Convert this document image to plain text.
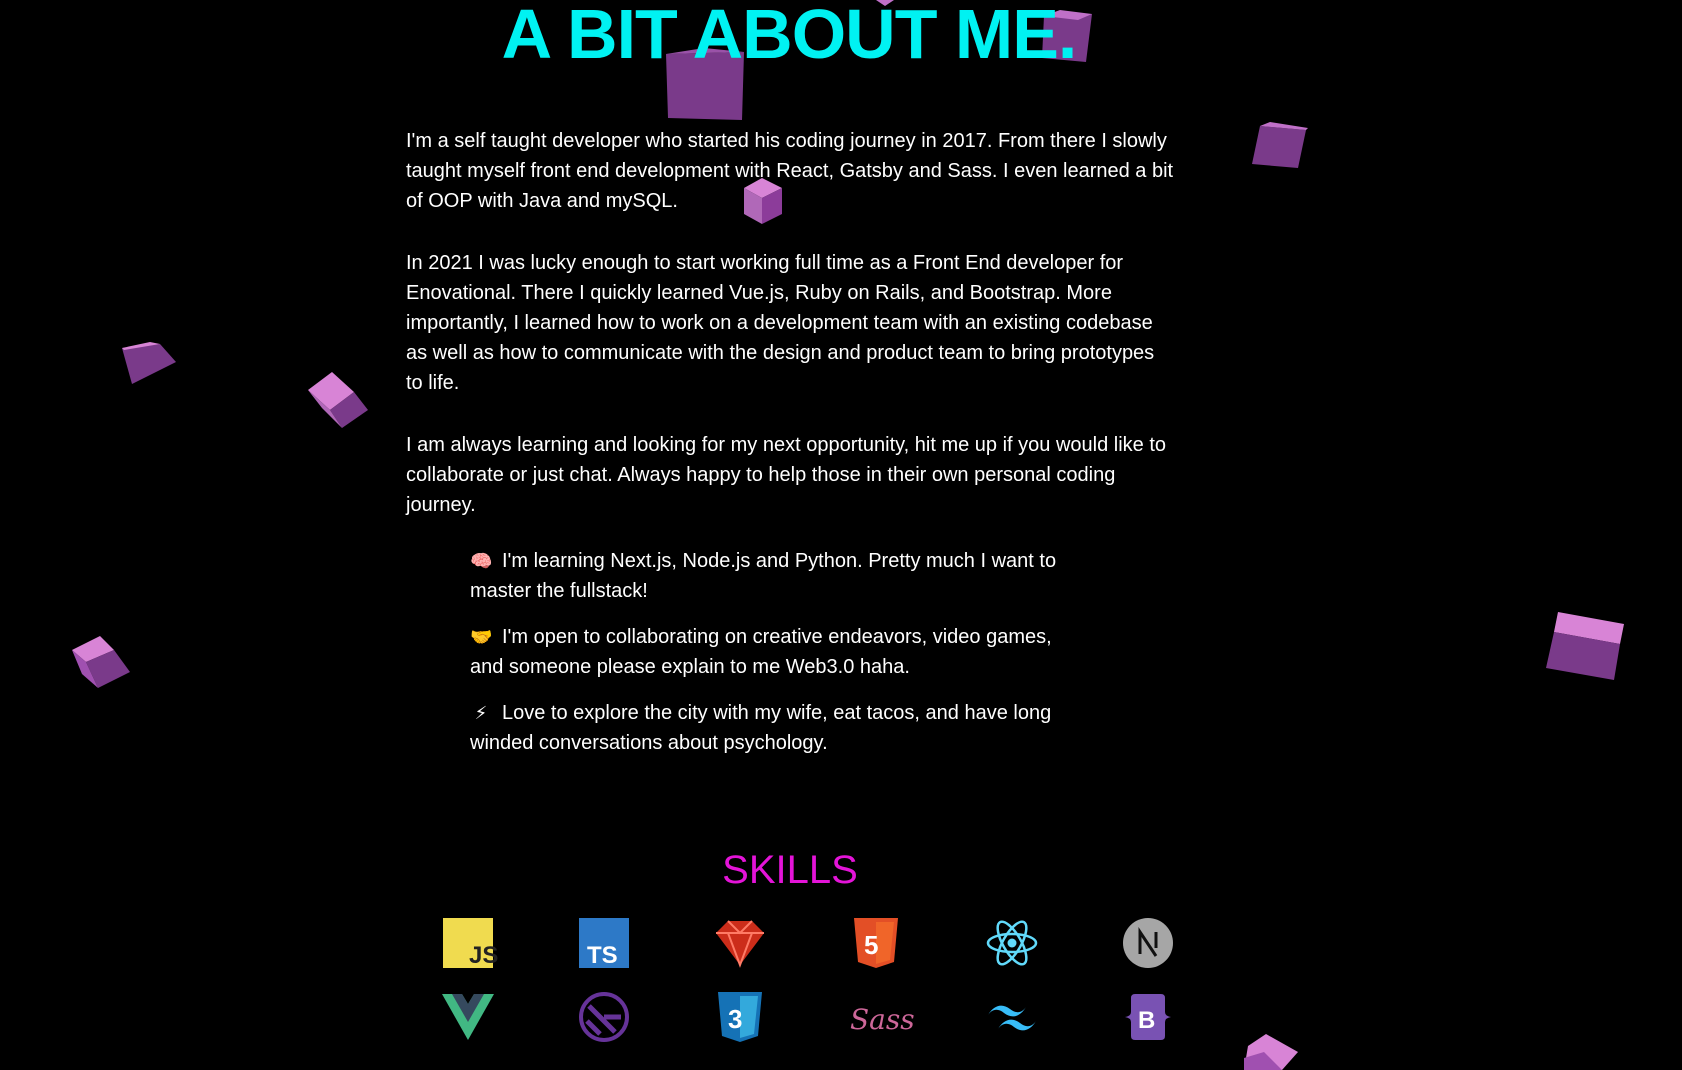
A BIT ABOUT ME.

I'm a self taught developer who started his coding journey in 2017. From there I slowly taught myself front end development with React, Gatsby and Sass. I even learned a bit of OOP with Java and mySQL.

In 2021 I was lucky enough to start working full time as a Front End developer for Enovational. There I quickly learned Vue.js, Ruby on Rails, and Bootstrap. More importantly, I learned how to work on a development team with an existing codebase as well as how to communicate with the design and product team to bring prototypes to life.

I am always learning and looking for my next opportunity, hit me up if you would like to collaborate or just chat. Always happy to help those in their own personal coding journey.

🧠 I'm learning Next.js, Node.js and Python. Pretty much I want to master the fullstack!
🤝 I'm open to collaborating on creative endeavors, video games, and someone please explain to me Web3.0 haha.
⚡ Love to explore the city with my wife, eat tacos, and have long winded conversations about psychology.
SKILLS
JS	TS	5
3	Sass	B
